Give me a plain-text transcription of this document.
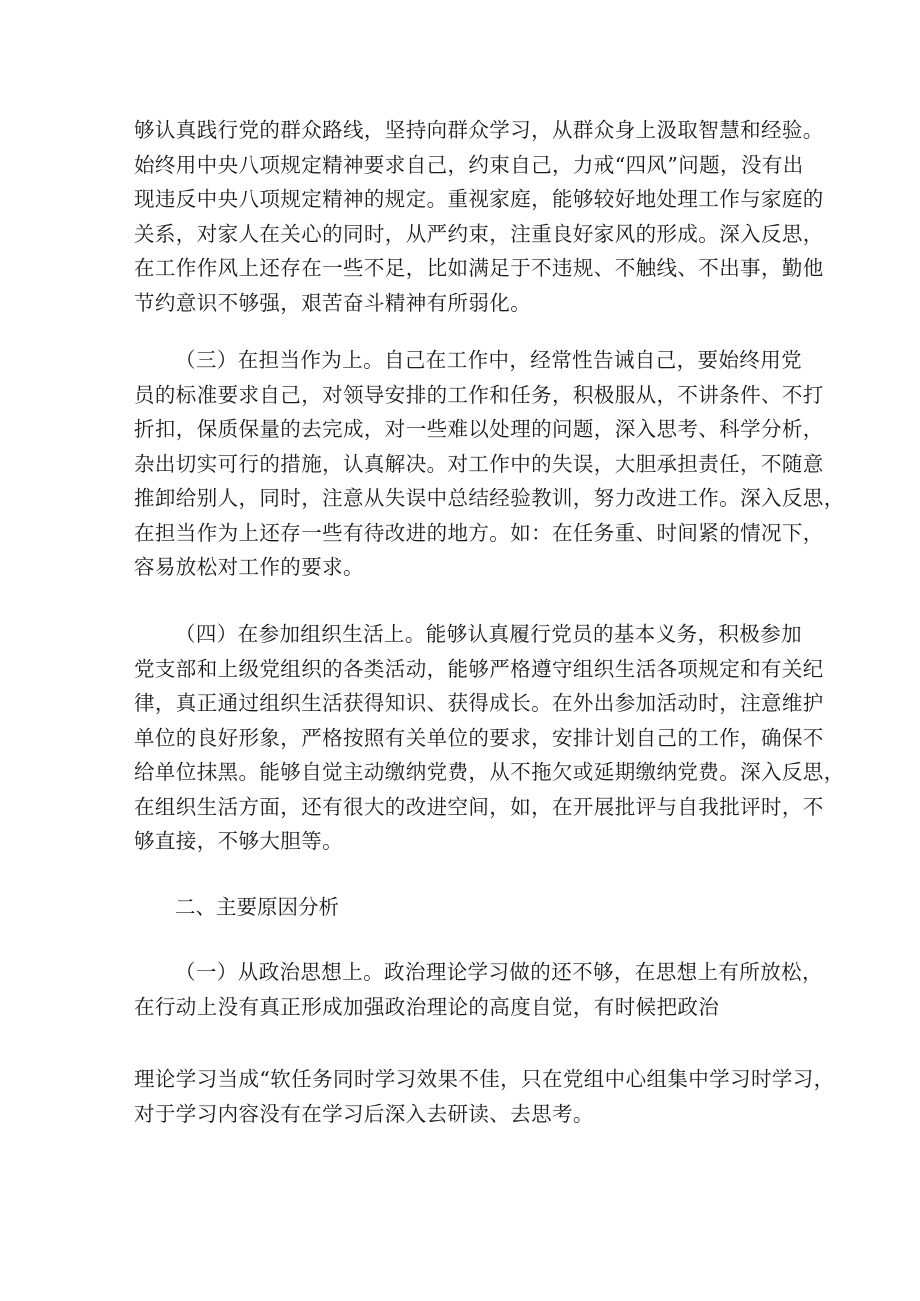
够认真践行党的群众路线，坚持向群众学习，从群众身上汲取智慧和经验。
始终用中央八项规定精神要求自己，约束自己，力戒“四风”问题，没有出
现违反中央八项规定精神的规定。重视家庭，能够较好地处理工作与家庭的
关系，对家人在关心的同时，从严约束，注重良好家风的形成。深入反思，
在工作作风上还存在一些不足，比如满足于不违规、不触线、不出事，勤他
节约意识不够强，艰苦奋斗精神有所弱化。
（三）在担当作为上。自己在工作中，经常性告诫自己，要始终用党
员的标准要求自己，对领导安排的工作和任务，积极服从，不讲条件、不打
折扣，保质保量的去完成，对一些难以处理的问题，深入思考、科学分析，
杂出切实可行的措施，认真解决。对工作中的失误，大胆承担责任，不随意
推卸给别人，同时，注意从失误中总结经验教训，努力改进工作。深入反思，
在担当作为上还存一些有待改进的地方。如：在任务重、时间紧的情况下，
容易放松对工作的要求。
（四）在参加组织生活上。能够认真履行党员的基本义务，积极参加
党支部和上级党组织的各类活动，能够严格遵守组织生活各项规定和有关纪
律，真正通过组织生活获得知识、获得成长。在外出参加活动时，注意维护
单位的良好形象，严格按照有关单位的要求，安排计划自己的工作，确保不
给单位抹黑。能够自觉主动缴纳党费，从不拖欠或延期缴纳党费。深入反思，
在组织生活方面，还有很大的改进空间，如，在开展批评与自我批评时，不
够直接，不够大胆等。
二、主要原因分析
（一）从政治思想上。政治理论学习做的还不够，在思想上有所放松，
在行动上没有真正形成加强政治理论的高度自觉，有时候把政治
理论学习当成“软任务同时学习效果不佳，只在党组中心组集中学习时学习，
对于学习内容没有在学习后深入去研读、去思考。
